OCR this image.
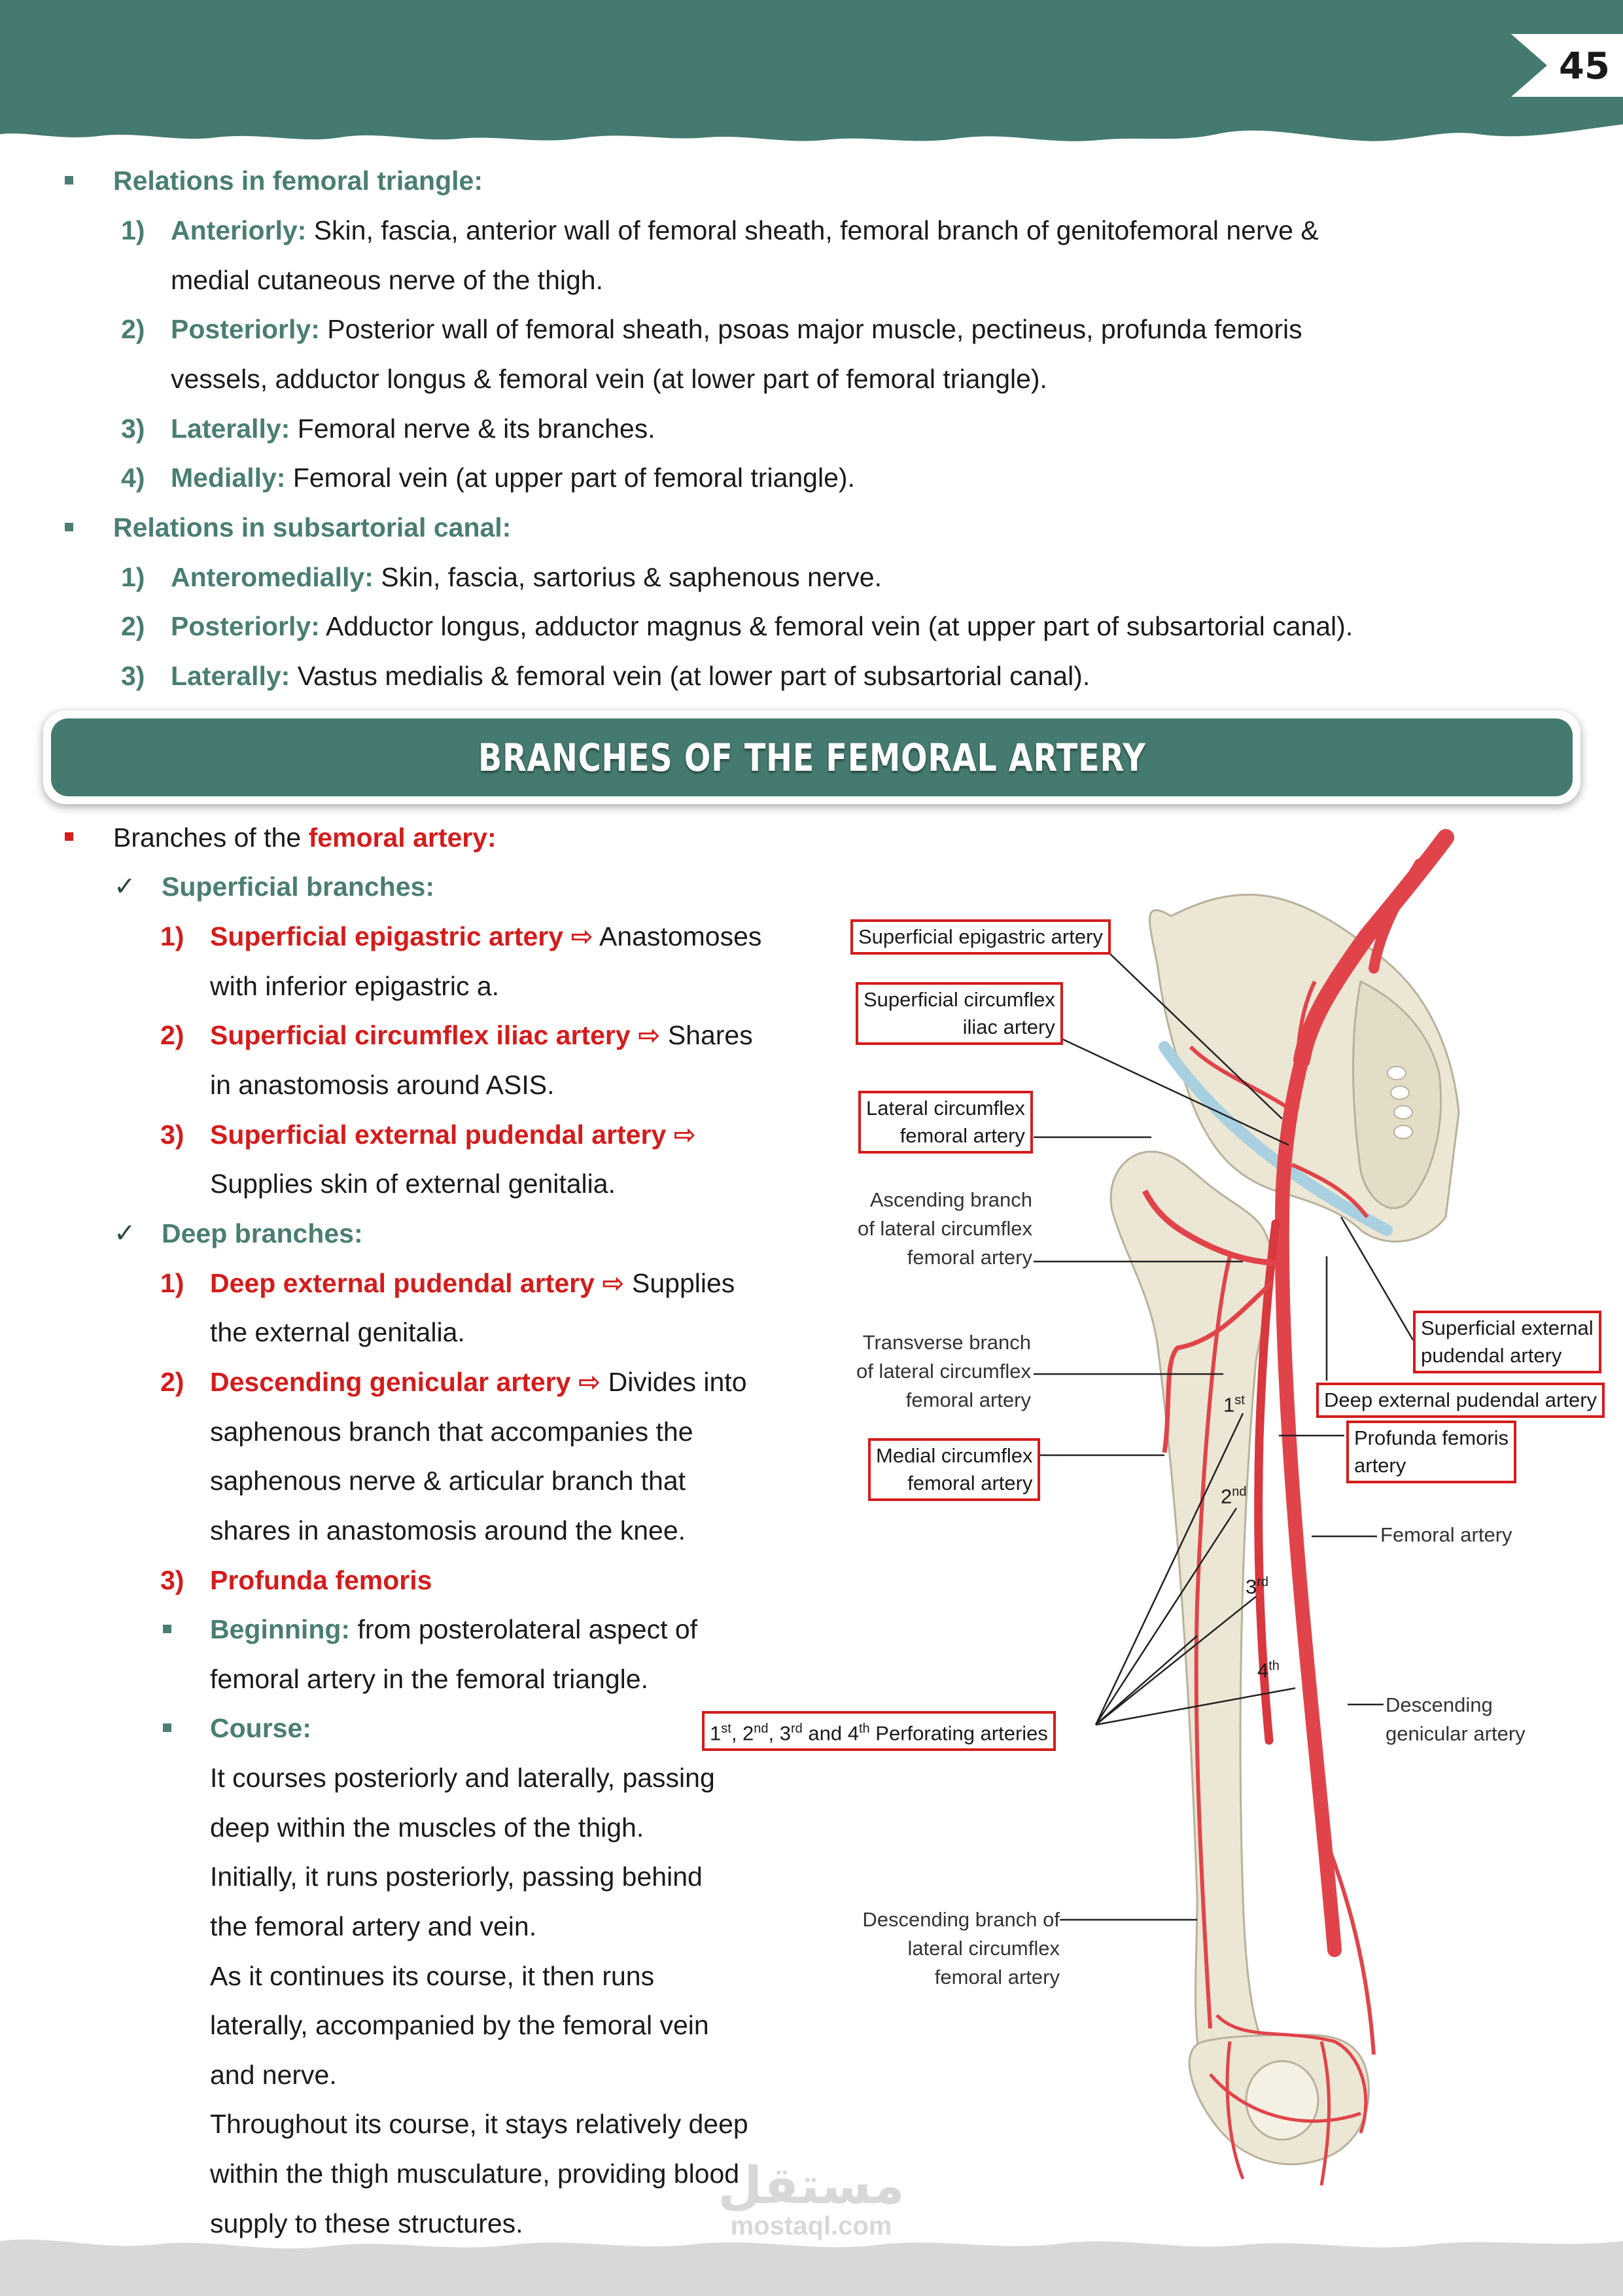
45
Relations in femoral triangle:
1) Anteriorly: Skin, fascia, anterior wall of femoral sheath, femoral branch of genitofemoral nerve &
medial cutaneous nerve of the thigh.
2) Posteriorly: Posterior wall of femoral sheath, psoas major muscle, pectineus, profunda femoris
vessels, adductor longus & femoral vein (at lower part of femoral triangle).
3) Laterally: Femoral nerve & its branches.
4) Medially: Femoral vein (at upper part of femoral triangle).
Relations in subsartorial canal:
1) Anteromedially: Skin, fascia, sartorius & saphenous nerve.
2) Posteriorly: Adductor longus, adductor magnus & femoral vein (at upper part of subsartorial canal).
3) Laterally: Vastus medialis & femoral vein (at lower part of subsartorial canal).
BRANCHES OF THE FEMORAL ARTERY
Branches of the femoral artery:
✓ Superficial branches:
1) Superficial epigastric artery ⇨ Anastomoses
with inferior epigastric a.
2) Superficial circumflex iliac artery ⇨ Shares
in anastomosis around ASIS.
3) Superficial external pudendal artery ⇨
Supplies skin of external genitalia.
✓ Deep branches:
1) Deep external pudendal artery ⇨ Supplies
the external genitalia.
2) Descending genicular artery ⇨ Divides into
saphenous branch that accompanies the
saphenous nerve & articular branch that
shares in anastomosis around the knee.
3) Profunda femoris
Beginning: from posterolateral aspect of
femoral artery in the femoral triangle.
Course:
It courses posteriorly and laterally, passing
deep within the muscles of the thigh.
Initially, it runs posteriorly, passing behind
the femoral artery and vein.
As it continues its course, it then runs
laterally, accompanied by the femoral vein
and nerve.
Throughout its course, it stays relatively deep
within the thigh musculature, providing blood
supply to these structures.
Superficial epigastric artery
Superficial circumflex
iliac artery
Lateral circumflex
femoral artery
Medial circumflex
femoral artery
Superficial external
pudendal artery
Deep external pudendal artery
Profunda femoris
artery
1st, 2nd, 3rd and 4th Perforating arteries
Ascending branch
of lateral circumflex
femoral artery
Transverse branch
of lateral circumflex
femoral artery
Femoral artery
Descending
genicular artery
Descending branch of
lateral circumflex
femoral artery
1st
2nd
3rd
4th
مستقل
mostaql.com
